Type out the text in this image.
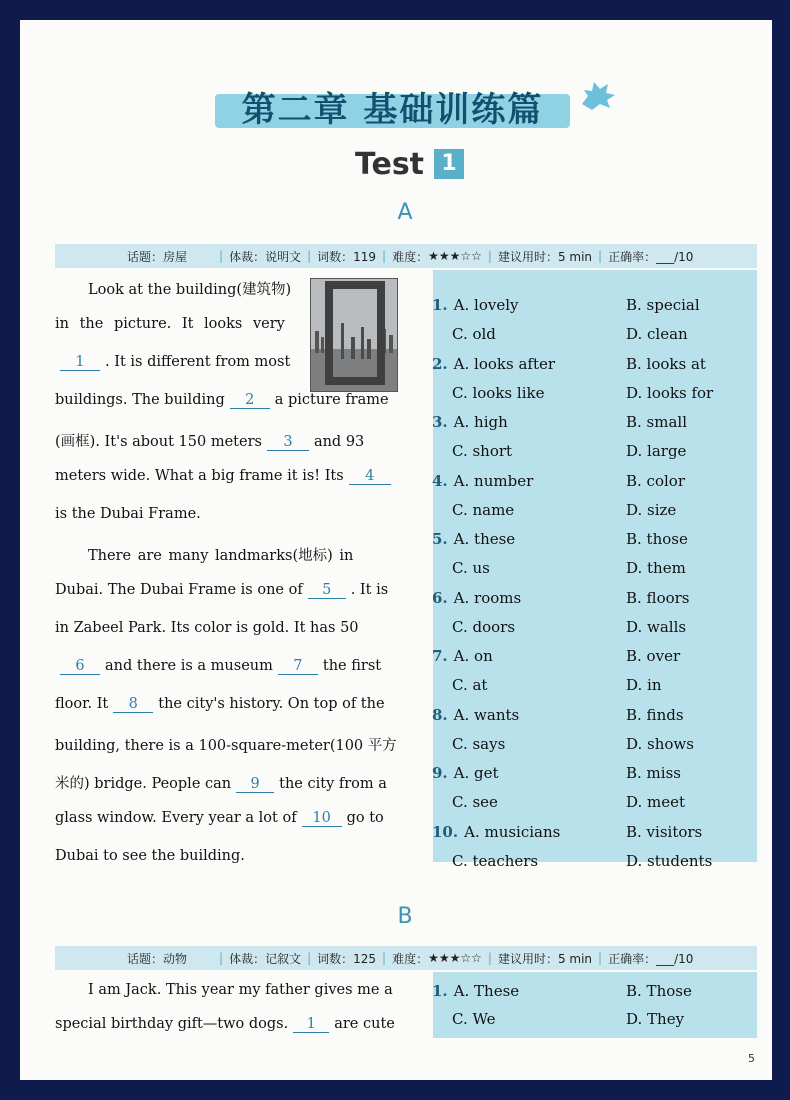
第二章 基础训练篇
Test 1
A
话题：房屋	| 体裁：说明文 | 词数：119 | 难度： ★★★☆☆ | 建议用时：5 min | 正确率：___/10
Look at the building(建筑物)
in the picture. It looks very
1 . It is different from most
buildings. The building 2 a picture frame
(画框). It's about 150 meters 3 and 93
meters wide. What a big frame it is! Its 4
is the Dubai Frame.
There are many landmarks(地标) in
Dubai. The Dubai Frame is one of 5 . It is
in Zabeel Park. Its color is gold. It has 50
6 and there is a museum 7 the first
floor. It 8 the city's history. On top of the
building, there is a 100-square-meter(100 平方
米的) bridge. People can 9 the city from a
glass window. Every year a lot of 10 go to
Dubai to see the building.
1. A. lovely	B. special
C. old	D. clean
2. A. looks after	B. looks at
C. looks like	D. looks for
3. A. high	B. small
C. short	D. large
4. A. number	B. color
C. name	D. size
5. A. these	B. those
C. us	D. them
6. A. rooms	B. floors
C. doors	D. walls
7. A. on	B. over
C. at	D. in
8. A. wants	B. finds
C. says	D. shows
9. A. get	B. miss
C. see	D. meet
10. A. musicians	B. visitors
C. teachers	D. students
B
话题：动物	| 体裁：记叙文 | 词数：125 | 难度： ★★★☆☆ | 建议用时：5 min | 正确率：___/10
I am Jack. This year my father gives me a
special birthday gift—two dogs. 1 are cute
1. A. These	B. Those
C. We	D. They
5
